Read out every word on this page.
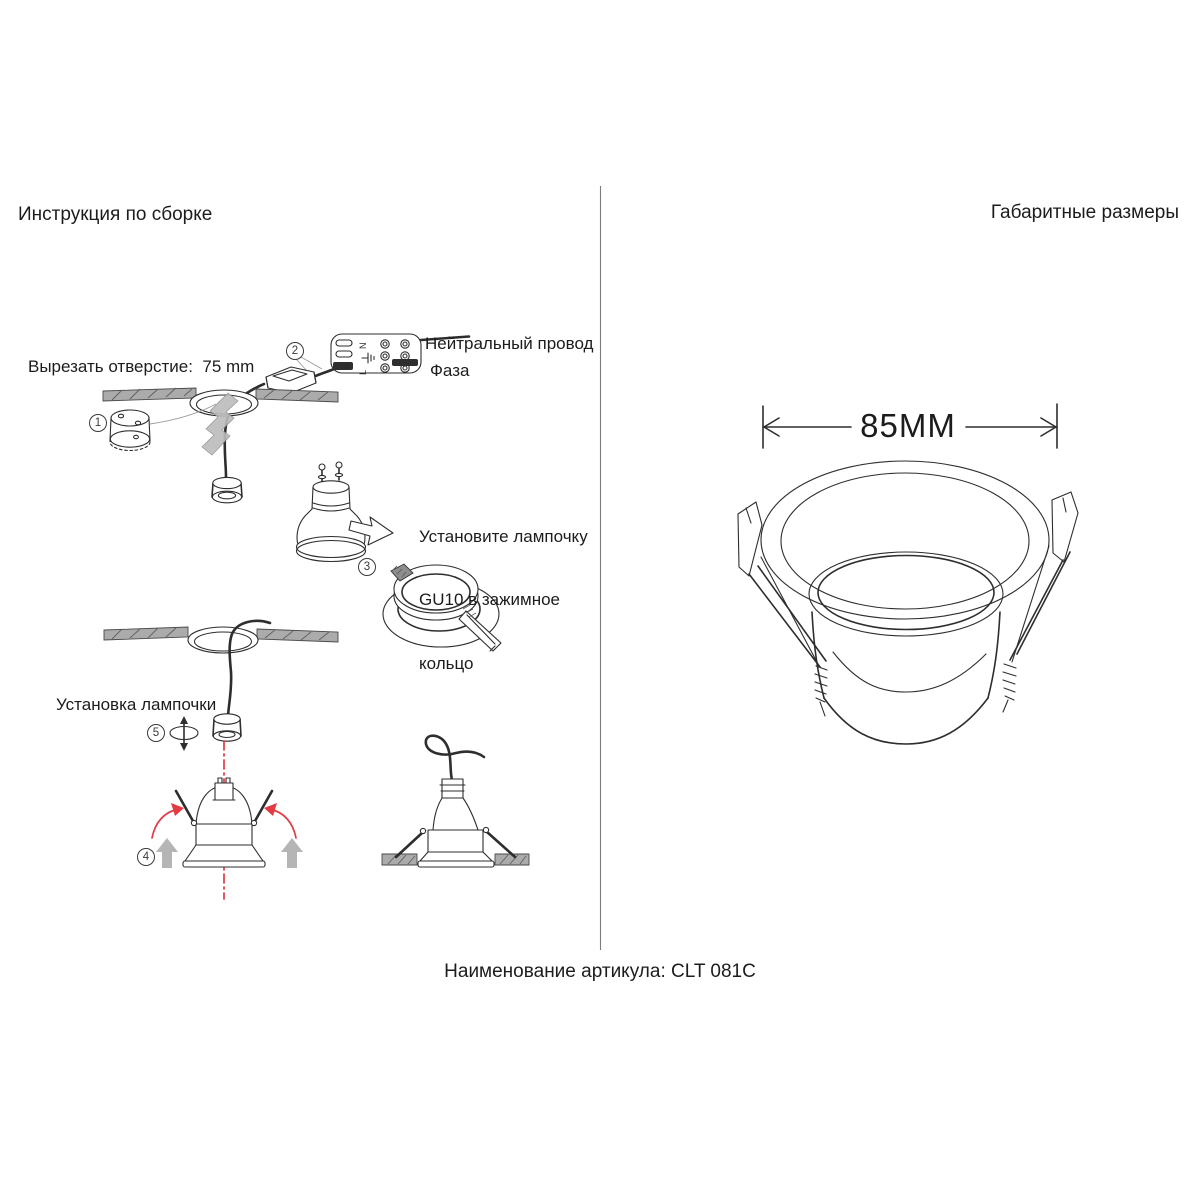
N
L
Инструкция по сборке	Габаритные размеры
Вырезать отверстие:  75 mm
Нейтральный провод
Фаза

Установите лампочку

GU10 в зажимное

кольцо

Установка лампочки
85MM
Наименование артикула: CLT 081C
1
2
3
4
5
